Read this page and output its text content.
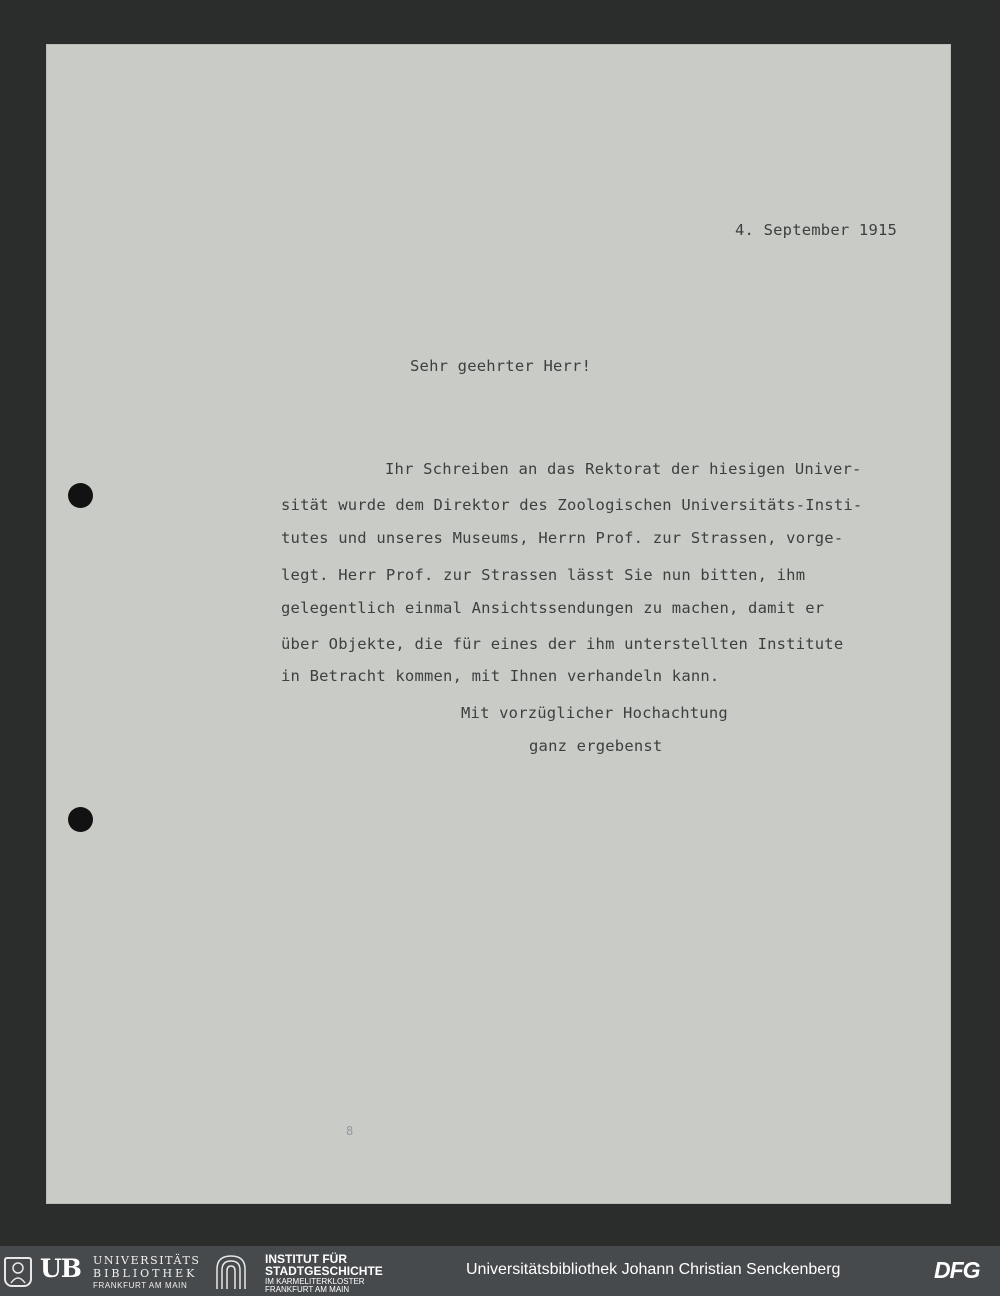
4. September 1915
Sehr geehrter Herr!
Ihr Schreiben an das Rektorat der hiesigen Univer-
sität wurde dem Direktor des Zoologischen Universitäts-Insti-
tutes und unseres Museums, Herrn Prof. zur Strassen, vorge-
legt. Herr Prof. zur Strassen lässt Sie nun bitten, ihm
gelegentlich einmal Ansichtssendungen zu machen, damit er
über Objekte, die für eines der ihm unterstellten Institute
in Betracht kommen, mit Ihnen verhandeln kann.
Mit vorzüglicher Hochachtung
ganz ergebenst
8
UB UNIVERSITÄTS
BIBLIOTHEK
FRANKFURT AM MAIN
INSTITUT FÜR
STADTGESCHICHTE
IM KARMELITERKLOSTER
FRANKFURT AM MAIN
Universitätsbibliothek Johann Christian Senckenberg	DFG
